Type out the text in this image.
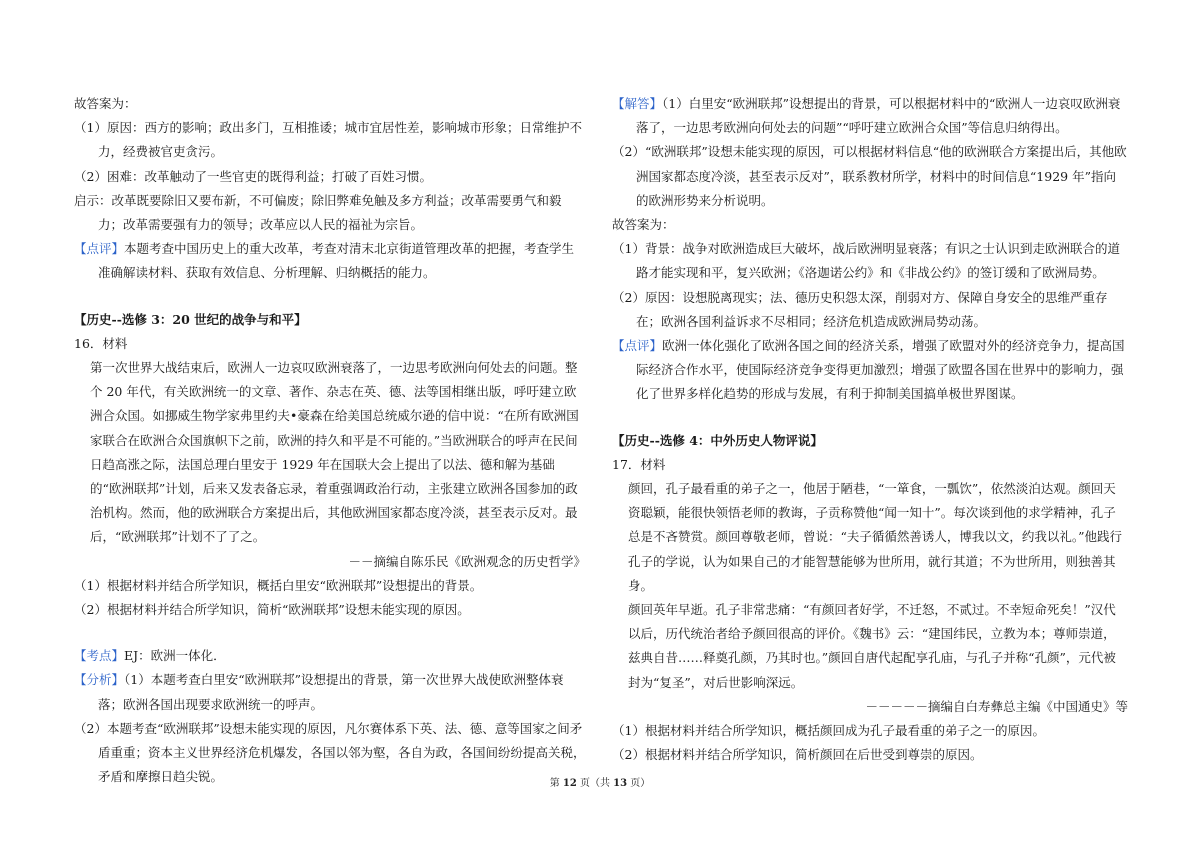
故答案为：

（1）原因：西方的影响；政出多门，互相推诿；城市宜居性差，影响城市形象；日常维护不力，经费被官吏贪污。

（2）困难：改革触动了一些官吏的既得利益；打破了百姓习惯。

启示：改革既要除旧又要布新，不可偏废；除旧弊难免触及多方利益；改革需要勇气和毅力；改革需要强有力的领导；改革应以人民的福祉为宗旨。

【点评】本题考查中国历史上的重大改革，考查对清末北京街道管理改革的把握，考查学生准确解读材料、获取有效信息、分析理解、归纳概括的能力。

【历史--选修 3：20 世纪的战争与和平】

16．材料

第一次世界大战结束后，欧洲人一边哀叹欧洲衰落了，一边思考欧洲向何处去的问题。整个 20 年代，有关欧洲统一的文章、著作、杂志在英、德、法等国相继出版，呼吁建立欧洲合众国。如挪威生物学家弗里约夫•豪森在给美国总统威尔逊的信中说：“在所有欧洲国家联合在欧洲合众国旗帜下之前，欧洲的持久和平是不可能的。”当欧洲联合的呼声在民间日趋高涨之际，法国总理白里安于 1929 年在国联大会上提出了以法、德和解为基础的“欧洲联邦”计划，后来又发表备忘录，着重强调政治行动，主张建立欧洲各国参加的政治机构。然而，他的欧洲联合方案提出后，其他欧洲国家都态度冷淡，甚至表示反对。最后，“欧洲联邦”计划不了了之。

－－摘编自陈乐民《欧洲观念的历史哲学》

（1）根据材料并结合所学知识，概括白里安“欧洲联邦”设想提出的背景。

（2）根据材料并结合所学知识，简析“欧洲联邦”设想未能实现的原因。

【考点】EJ：欧洲一体化．

【分析】（1）本题考查白里安“欧洲联邦”设想提出的背景，第一次世界大战使欧洲整体衰落；欧洲各国出现要求欧洲统一的呼声。

（2）本题考查“欧洲联邦”设想未能实现的原因，凡尔赛体系下英、法、德、意等国家之间矛盾重重；资本主义世界经济危机爆发，各国以邻为壑，各自为政，各国间纷纷提高关税，矛盾和摩擦日趋尖锐。

【解答】（1）白里安“欧洲联邦”设想提出的背景，可以根据材料中的“欧洲人一边哀叹欧洲衰落了，一边思考欧洲向何处去的问题”“呼吁建立欧洲合众国”等信息归纳得出。

（2）“欧洲联邦”设想未能实现的原因，可以根据材料信息“他的欧洲联合方案提出后，其他欧洲国家都态度冷淡，甚至表示反对”，联系教材所学，材料中的时间信息“1929 年”指向的欧洲形势来分析说明。

故答案为：

（1）背景：战争对欧洲造成巨大破坏，战后欧洲明显衰落；有识之士认识到走欧洲联合的道路才能实现和平，复兴欧洲；《洛迦诺公约》和《非战公约》的签订缓和了欧洲局势。

（2）原因：设想脱离现实；法、德历史积怨太深，削弱对方、保障自身安全的思维严重存在；欧洲各国利益诉求不尽相同；经济危机造成欧洲局势动荡。

【点评】欧洲一体化强化了欧洲各国之间的经济关系，增强了欧盟对外的经济竞争力，提高国际经济合作水平，使国际经济竞争变得更加激烈；增强了欧盟各国在世界中的影响力，强化了世界多样化趋势的形成与发展，有利于抑制美国搞单极世界图谋。

【历史--选修 4：中外历史人物评说】

17．材料

颜回，孔子最看重的弟子之一，他居于陋巷，“一箪食，一瓢饮”，依然淡泊达观。颜回天资聪颖，能很快领悟老师的教诲，子贡称赞他“闻一知十”。每次谈到他的求学精神，孔子总是不吝赞赏。颜回尊敬老师，曾说：“夫子循循然善诱人，博我以文，约我以礼。”他践行孔子的学说，认为如果自己的才能智慧能够为世所用，就行其道；不为世所用，则独善其身。

颜回英年早逝。孔子非常悲痛：“有颜回者好学，不迁怒，不贰过。不幸短命死矣！”汉代以后，历代统治者给予颜回很高的评价。《魏书》云：“建国纬民，立教为本；尊师崇道，兹典自昔……释奠孔颜，乃其时也。”颜回自唐代起配享孔庙，与孔子并称“孔颜”，元代被封为“复圣”，对后世影响深远。

－－－－－摘编自白寿彝总主编《中国通史》等

（1）根据材料并结合所学知识，概括颜回成为孔子最看重的弟子之一的原因。

（2）根据材料并结合所学知识，简析颜回在后世受到尊崇的原因。

第 12 页（共 13 页）
